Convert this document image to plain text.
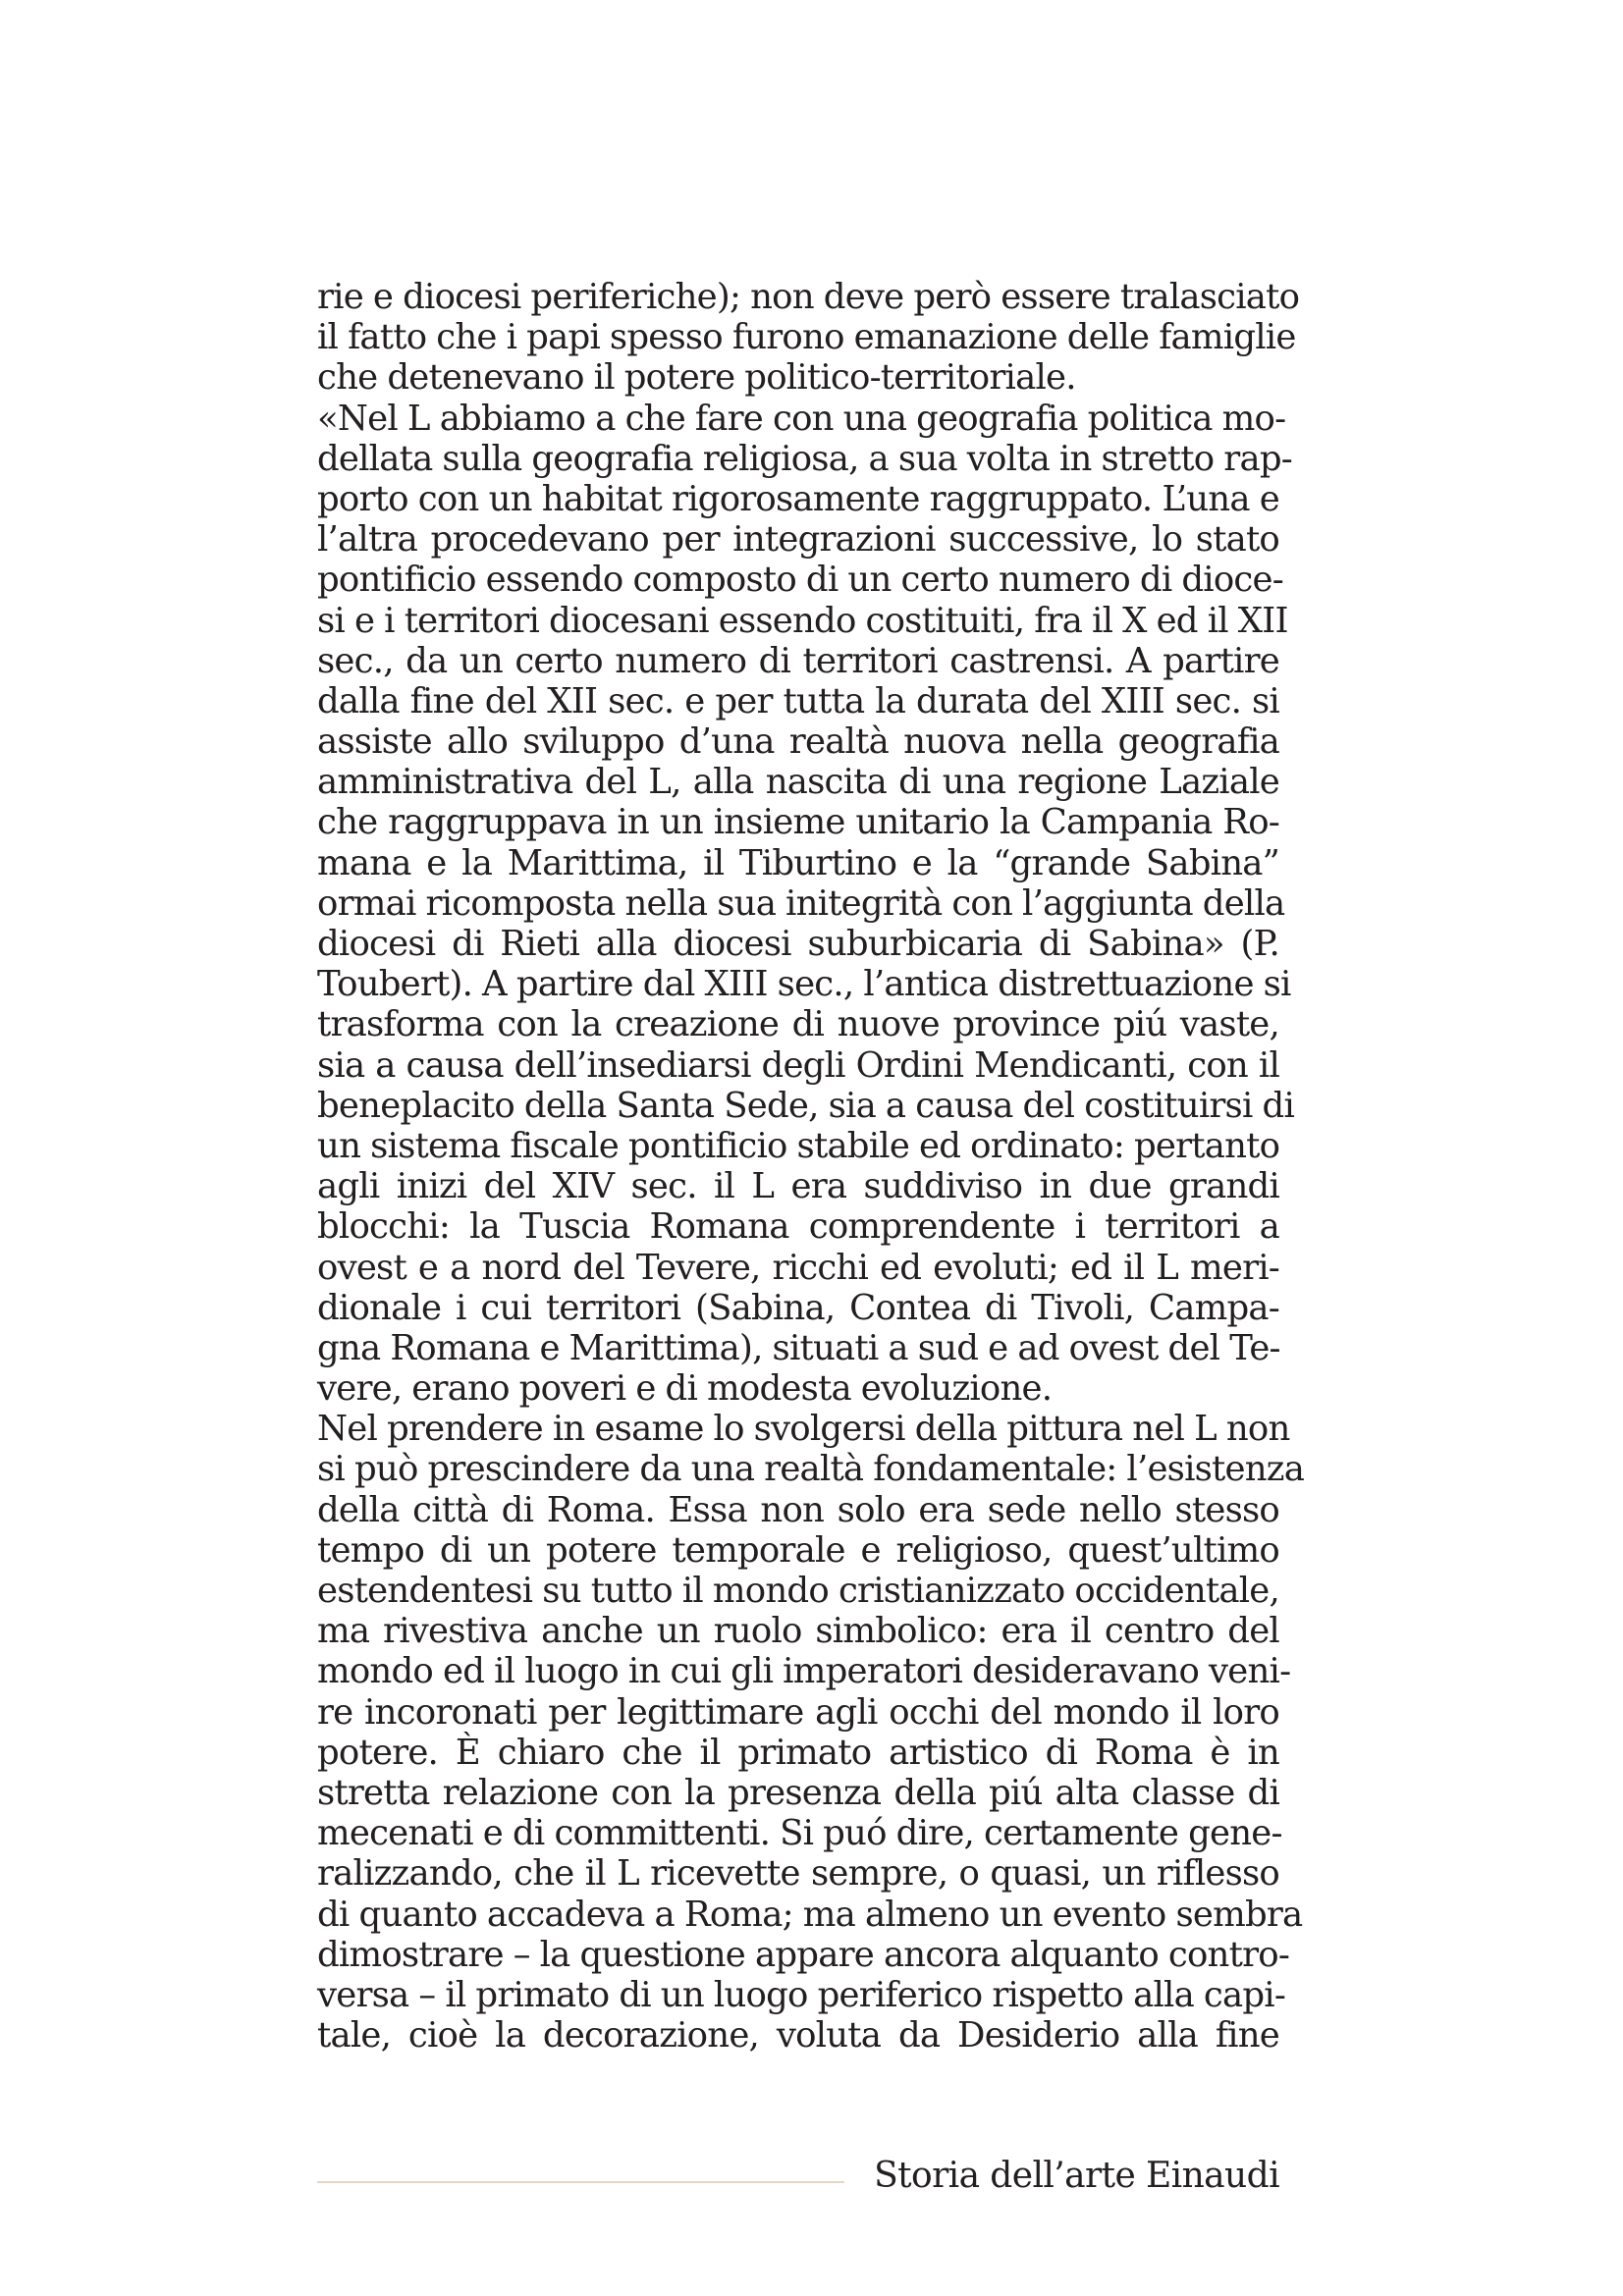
rie e diocesi periferiche); non deve però essere tralasciato
il fatto che i papi spesso furono emanazione delle famiglie
che detenevano il potere politico-territoriale.
«Nel L abbiamo a che fare con una geografia politica mo-
dellata sulla geografia religiosa, a sua volta in stretto rap-
porto con un habitat rigorosamente raggruppato. L’una e
l’altra procedevano per integrazioni successive, lo stato
pontificio essendo composto di un certo numero di dioce-
si e i territori diocesani essendo costituiti, fra il X ed il XII
sec., da un certo numero di territori castrensi. A partire
dalla fine del XII sec. e per tutta la durata del XIII sec. si
assiste allo sviluppo d’una realtà nuova nella geografia
amministrativa del L, alla nascita di una regione Laziale
che raggruppava in un insieme unitario la Campania Ro-
mana e la Marittima, il Tiburtino e la “grande Sabina”
ormai ricomposta nella sua initegrità con l’aggiunta della
diocesi di Rieti alla diocesi suburbicaria di Sabina» (P.
Toubert). A partire dal XIII sec., l’antica distrettuazione si
trasforma con la creazione di nuove province piú vaste,
sia a causa dell’insediarsi degli Ordini Mendicanti, con il
beneplacito della Santa Sede, sia a causa del costituirsi di
un sistema fiscale pontificio stabile ed ordinato: pertanto
agli inizi del XIV sec. il L era suddiviso in due grandi
blocchi: la Tuscia Romana comprendente i territori a
ovest e a nord del Tevere, ricchi ed evoluti; ed il L meri-
dionale i cui territori (Sabina, Contea di Tivoli, Campa-
gna Romana e Marittima), situati a sud e ad ovest del Te-
vere, erano poveri e di modesta evoluzione.
Nel prendere in esame lo svolgersi della pittura nel L non
si può prescindere da una realtà fondamentale: l’esistenza
della città di Roma. Essa non solo era sede nello stesso
tempo di un potere temporale e religioso, quest’ultimo
estendentesi su tutto il mondo cristianizzato occidentale,
ma rivestiva anche un ruolo simbolico: era il centro del
mondo ed il luogo in cui gli imperatori desideravano veni-
re incoronati per legittimare agli occhi del mondo il loro
potere. È chiaro che il primato artistico di Roma è in
stretta relazione con la presenza della piú alta classe di
mecenati e di committenti. Si puó dire, certamente gene-
ralizzando, che il L ricevette sempre, o quasi, un riflesso
di quanto accadeva a Roma; ma almeno un evento sembra
dimostrare – la questione appare ancora alquanto contro-
versa – il primato di un luogo periferico rispetto alla capi-
tale, cioè la decorazione, voluta da Desiderio alla fine
Storia dell’arte Einaudi
